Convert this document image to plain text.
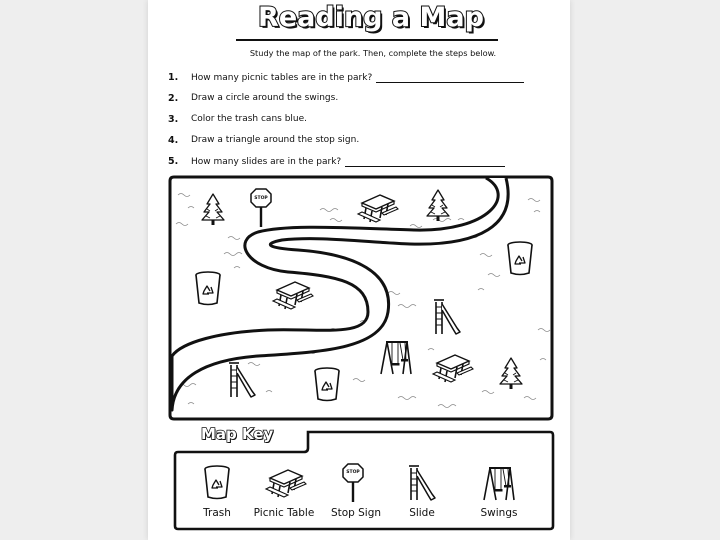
Reading a Map
Study the map of the park. Then, complete the steps below.
1. How many picnic tables are in the park?
2. Draw a circle around the swings.
3. Color the trash cans blue.
4. Draw a triangle around the stop sign.
5. How many slides are in the park?
STOP
STOP
Map Key
Trash	Picnic Table	Stop Sign	Slide	Swings
